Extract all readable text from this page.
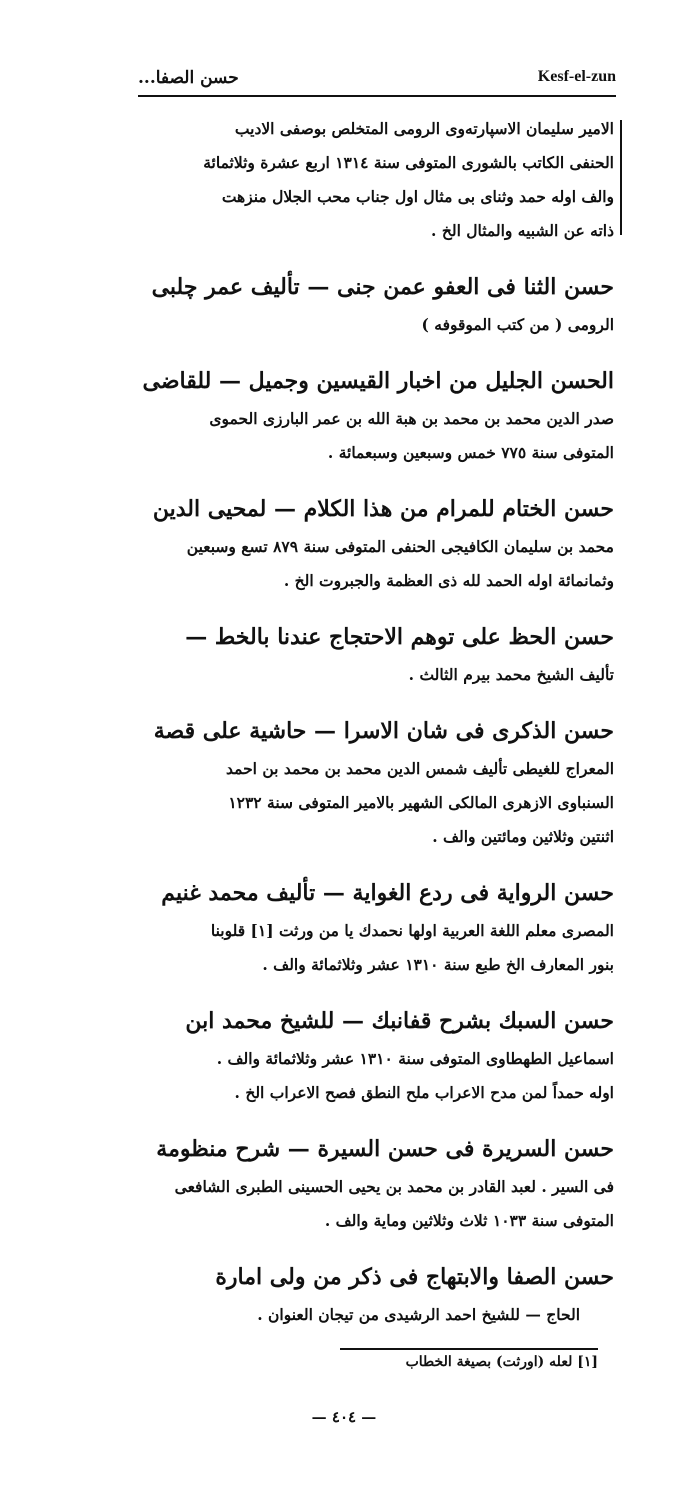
حسن الصفا...	Kesf-el-zun
الامير سليمان الاسپارته‌وى الرومى المتخلص بوصفى الاديب
الحنفى الكاتب بالشورى المتوفى سنة ١٣١٤ اربع عشرة وثلاثمائة
والف اوله حمد وثناى بى مثال اول جناب محب الجلال منزهت
ذاته عن الشبيه والمثال الخ .
حسن الثنا فى العفو عمن جنى — تأليف عمر چلبى
الرومى ( من كتب الموقوفه )
الحسن الجليل من اخبار القيسين وجميل — للقاضى
صدر الدين محمد بن محمد بن هبة الله بن عمر البارزى الحموى
المتوفى سنة ٧٧٥ خمس وسبعين وسبعمائة .
حسن الختام للمرام من هذا الكلام — لمحيى الدين
محمد بن سليمان الكافيجى الحنفى المتوفى سنة ٨٧٩ تسع وسبعين
وثمانمائة اوله الحمد لله ذى العظمة والجبروت الخ .
حسن الحظ على توهم الاحتجاج عندنا بالخط —
تأليف الشيخ محمد بيرم الثالث .
حسن الذكرى فى شان الاسرا — حاشية على قصة
المعراج للغيطى تأليف شمس الدين محمد بن محمد بن احمد
السنباوى الازهرى المالكى الشهير بالامير المتوفى سنة ١٢٣٢
اثنتين وثلاثين ومائتين والف .
حسن الرواية فى ردع الغواية — تأليف محمد غنيم
المصرى معلم اللغة العربية اولها نحمدك يا من ورثت [١] قلوبنا
بنور المعارف الخ طبع سنة ١٣١٠ عشر وثلاثمائة والف .
حسن السبك بشرح قفانبك — للشيخ محمد ابن
اسماعيل الطهطاوى المتوفى سنة ١٣١٠ عشر وثلاثمائة والف .
اوله حمداً لمن مدح الاعراب ملح النطق فصح الاعراب الخ .
حسن السريرة فى حسن السيرة — شرح منظومة
فى السير . لعبد القادر بن محمد بن يحيى الحسينى الطبرى الشافعى
المتوفى سنة ١٠٣٣ ثلاث وثلاثين وماية والف .
حسن الصفا والابتهاج فى ذكر من ولى امارة
الحاج — للشيخ احمد الرشيدى من تيجان العنوان .
[١] لعله (اورثت) بصيغة الخطاب
— ٤٠٤ —
